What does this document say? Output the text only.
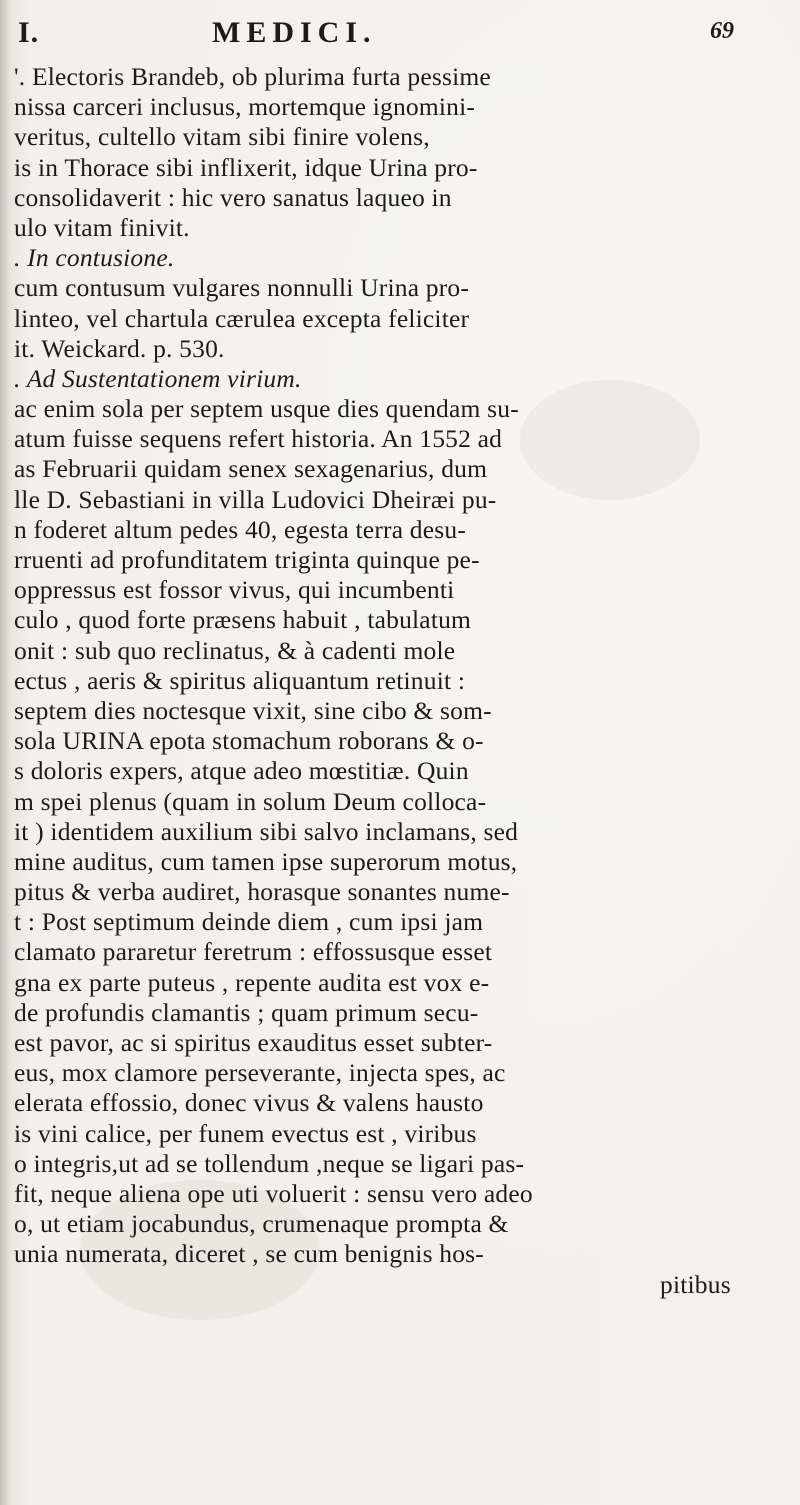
I.	MEDICI.	69
'. Electoris Brandeb, ob plurima furta pessime
nissa carceri inclusus, mortemque ignomini-
veritus, cultello vitam sibi finire volens,
is in Thorace sibi inflixerit, idque Urina pro-
consolidaverit : hic vero sanatus laqueo in
ulo vitam finivit.
. In contusione.
cum contusum vulgares nonnulli Urina pro-
linteo, vel chartula cærulea excepta feliciter
it. Weickard. p. 530.
. Ad Sustentationem virium.
ac enim sola per septem usque dies quendam su-
atum fuisse sequens refert historia. An 1552 ad
as Februarii quidam senex sexagenarius, dum
lle D. Sebastiani in villa Ludovici Dheiræi pu-
n foderet altum pedes 40, egesta terra desu-
rruenti ad profunditatem triginta quinque pe-
oppressus est fossor vivus, qui incumbenti
culo , quod forte præsens habuit , tabulatum
onit : sub quo reclinatus, & à cadenti mole
ectus , aeris & spiritus aliquantum retinuit :
septem dies noctesque vixit, sine cibo & som-
sola URINA epota stomachum roborans & o-
s doloris expers, atque adeo mœstitiæ. Quin
m spei plenus (quam in solum Deum colloca-
it ) identidem auxilium sibi salvo inclamans, sed
mine auditus, cum tamen ipse superorum motus,
pitus & verba audiret, horasque sonantes nume-
t : Post septimum deinde diem , cum ipsi jam
clamato pararetur feretrum : effossusque esset
gna ex parte puteus , repente audita est vox e-
de profundis clamantis ; quam primum secu-
est pavor, ac si spiritus exauditus esset subter-
eus, mox clamore perseverante, injecta spes, ac
elerata effossio, donec vivus & valens hausto
is vini calice, per funem evectus est , viribus
o integris,ut ad se tollendum ,neque se ligari pas-
fit, neque aliena ope uti voluerit : sensu vero adeo
o, ut etiam jocabundus, crumenaque prompta &
unia numerata, diceret , se cum benignis hos-
pitibus
